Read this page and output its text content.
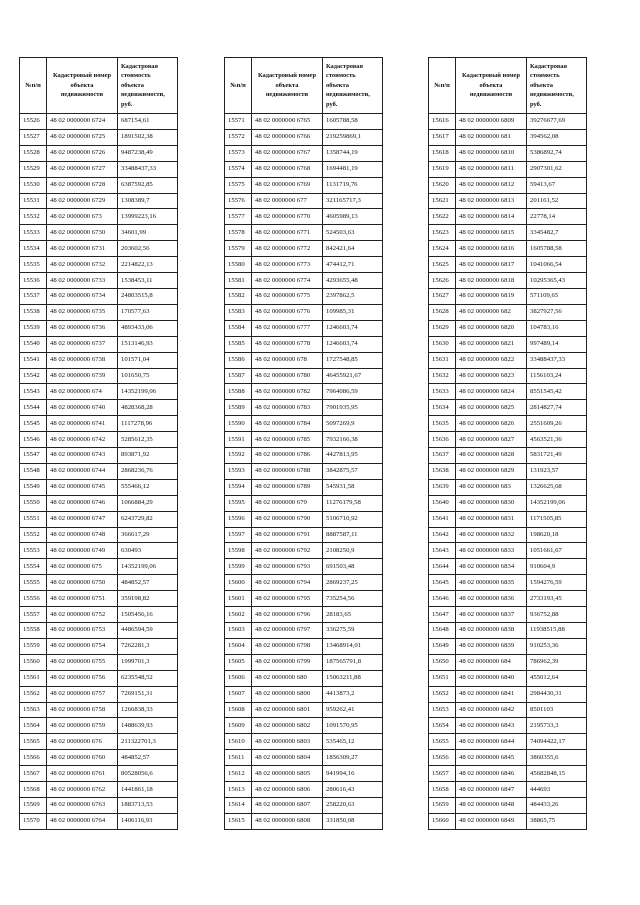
№п/п	Кадастровый номер объекта недвижимости	Кадастровая стоимость объекта недвижимости, руб.
15526	48 02 0000000 6724	687154,61
15527	48 02 0000000 6725	1891502,38
15528	48 02 0000000 6726	9487238,49
15529	48 02 0000000 6727	33488437,33
15530	48 02 0000000 6728	6387592,85
15531	48 02 0000000 6729	1308389,7
15532	48 02 0000000 673	13999223,16
15533	48 02 0000000 6730	34601,99
15534	48 02 0000000 6731	203602,56
15535	48 02 0000000 6732	2214822,13
15536	48 02 0000000 6733	1538453,11
15537	48 02 0000000 6734	24803515,8
15538	48 02 0000000 6735	170577,63
15539	48 02 0000000 6736	4893433,06
15540	48 02 0000000 6737	1513146,93
15541	48 02 0000000 6738	101571,04
15542	48 02 0000000 6739	101650,75
15543	48 02 0000000 674	14352199,06
15544	48 02 0000000 6740	4828368,28
15545	48 02 0000000 6741	1117278,96
15546	48 02 0000000 6742	5285612,35
15547	48 02 0000000 6743	893871,92
15548	48 02 0000000 6744	2868236,76
15549	48 02 0000000 6745	555466,12
15550	48 02 0000000 6746	1066884,29
15551	48 02 0000000 6747	6243729,82
15552	48 02 0000000 6748	366617,29
15553	48 02 0000000 6749	630493
15554	48 02 0000000 675	14352199,06
15555	48 02 0000000 6750	484852,57
15556	48 02 0000000 6751	359198,82
15557	48 02 0000000 6752	1505456,16
15558	48 02 0000000 6753	4486594,59
15559	48 02 0000000 6754	7262281,3
15560	48 02 0000000 6755	1999701,3
15561	48 02 0000000 6756	6235548,52
15562	48 02 0000000 6757	7269151,31
15563	48 02 0000000 6758	1266838,33
15564	48 02 0000000 6759	1488639,93
15565	48 02 0000000 676	211322701,3
15566	48 02 0000000 6760	484852,57
15567	48 02 0000000 6761	80528056,6
15568	48 02 0000000 6762	1441861,18
15569	48 02 0000000 6763	1883713,53
15570	48 02 0000000 6764	1406116,93
№п/п	Кадастровый номер объекта недвижимости	Кадастровая стоимость объекта недвижимости, руб.
15571	48 02 0000000 6765	1605788,58
15572	48 02 0000000 6766	219259869,1
15573	48 02 0000000 6767	1358744,19
15574	48 02 0000000 6768	1694481,19
15575	48 02 0000000 6769	1131719,76
15576	48 02 0000000 677	321165717,3
15577	48 02 0000000 6770	4605989,13
15578	48 02 0000000 6771	524503,63
15579	48 02 0000000 6772	842421,64
15580	48 02 0000000 6773	474412,71
15581	48 02 0000000 6774	4293655,48
15582	48 02 0000000 6775	2397862,5
15583	48 02 0000000 6776	109985,31
15584	48 02 0000000 6777	1246603,74
15585	48 02 0000000 6778	1246603,74
15586	48 02 0000000 678	1727548,85
15587	48 02 0000000 6780	46455921,67
15588	48 02 0000000 6782	7964086,59
15589	48 02 0000000 6783	7901935,95
15590	48 02 0000000 6784	5097269,9
15591	48 02 0000000 6785	7932166,38
15592	48 02 0000000 6786	4427813,95
15593	48 02 0000000 6788	3842875,57
15594	48 02 0000000 6789	545931,58
15595	48 02 0000000 679	11276179,58
15596	48 02 0000000 6790	5106710,92
15597	48 02 0000000 6791	8887587,11
15598	48 02 0000000 6792	2108250,9
15599	48 02 0000000 6793	691503,48
15600	48 02 0000000 6794	2869237,25
15601	48 02 0000000 6795	735254,56
15602	48 02 0000000 6796	28183,65
15603	48 02 0000000 6797	336275,59
15604	48 02 0000000 6798	13468914,01
15605	48 02 0000000 6799	187565791,8
15606	48 02 0000000 680	15063211,88
15607	48 02 0000000 6800	4413873,2
15608	48 02 0000000 6801	959262,41
15609	48 02 0000000 6802	1091570,95
15610	48 02 0000000 6803	535465,12
15611	48 02 0000000 6804	1856309,27
15612	48 02 0000000 6805	941994,16
15613	48 02 0000000 6806	280616,43
15614	48 02 0000000 6807	258220,63
15615	48 02 0000000 6808	331850,08
№п/п	Кадастровый номер объекта недвижимости	Кадастровая стоимость объекта недвижимости, руб.
15616	48 02 0000000 6809	39276677,69
15617	48 02 0000000 681	394562,08
15618	48 02 0000000 6810	5386892,74
15619	48 02 0000000 6811	2907301,62
15620	48 02 0000000 6812	59413,67
15621	48 02 0000000 6813	201161,52
15622	48 02 0000000 6814	22778,14
15623	48 02 0000000 6815	3345482,7
15624	48 02 0000000 6816	1605788,58
15625	48 02 0000000 6817	1041066,54
15626	48 02 0000000 6818	10295365,43
15627	48 02 0000000 6819	571109,65
15628	48 02 0000000 682	3827927,56
15629	48 02 0000000 6820	104783,16
15630	48 02 0000000 6821	997489,14
15631	48 02 0000000 6822	33488437,33
15632	48 02 0000000 6823	1156103,24
15633	48 02 0000000 6824	8551545,42
15634	48 02 0000000 6825	2814827,74
15635	48 02 0000000 6826	2551609,26
15636	48 02 0000000 6827	4563521,36
15637	48 02 0000000 6828	5831721,49
15638	48 02 0000000 6829	131923,57
15639	48 02 0000000 683	1326625,68
15640	48 02 0000000 6830	14352199,06
15641	48 02 0000000 6831	1171505,85
15642	48 02 0000000 6832	198620,18
15643	48 02 0000000 6833	1051661,67
15644	48 02 0000000 6834	910604,9
15645	48 02 0000000 6835	1594276,59
15646	48 02 0000000 6836	2733193,45
15647	48 02 0000000 6837	936752,88
15648	48 02 0000000 6838	11938515,88
15649	48 02 0000000 6839	910253,36
15650	48 02 0000000 684	786962,39
15651	48 02 0000000 6840	455012,64
15652	48 02 0000000 6841	2984430,31
15653	48 02 0000000 6842	8501103
15654	48 02 0000000 6843	2195733,3
15655	48 02 0000000 6844	74094422,17
15656	48 02 0000000 6845	3860355,6
15657	48 02 0000000 6846	45682848,15
15658	48 02 0000000 6847	444693
15659	48 02 0000000 6848	484433,26
15660	48 02 0000000 6849	38865,75
